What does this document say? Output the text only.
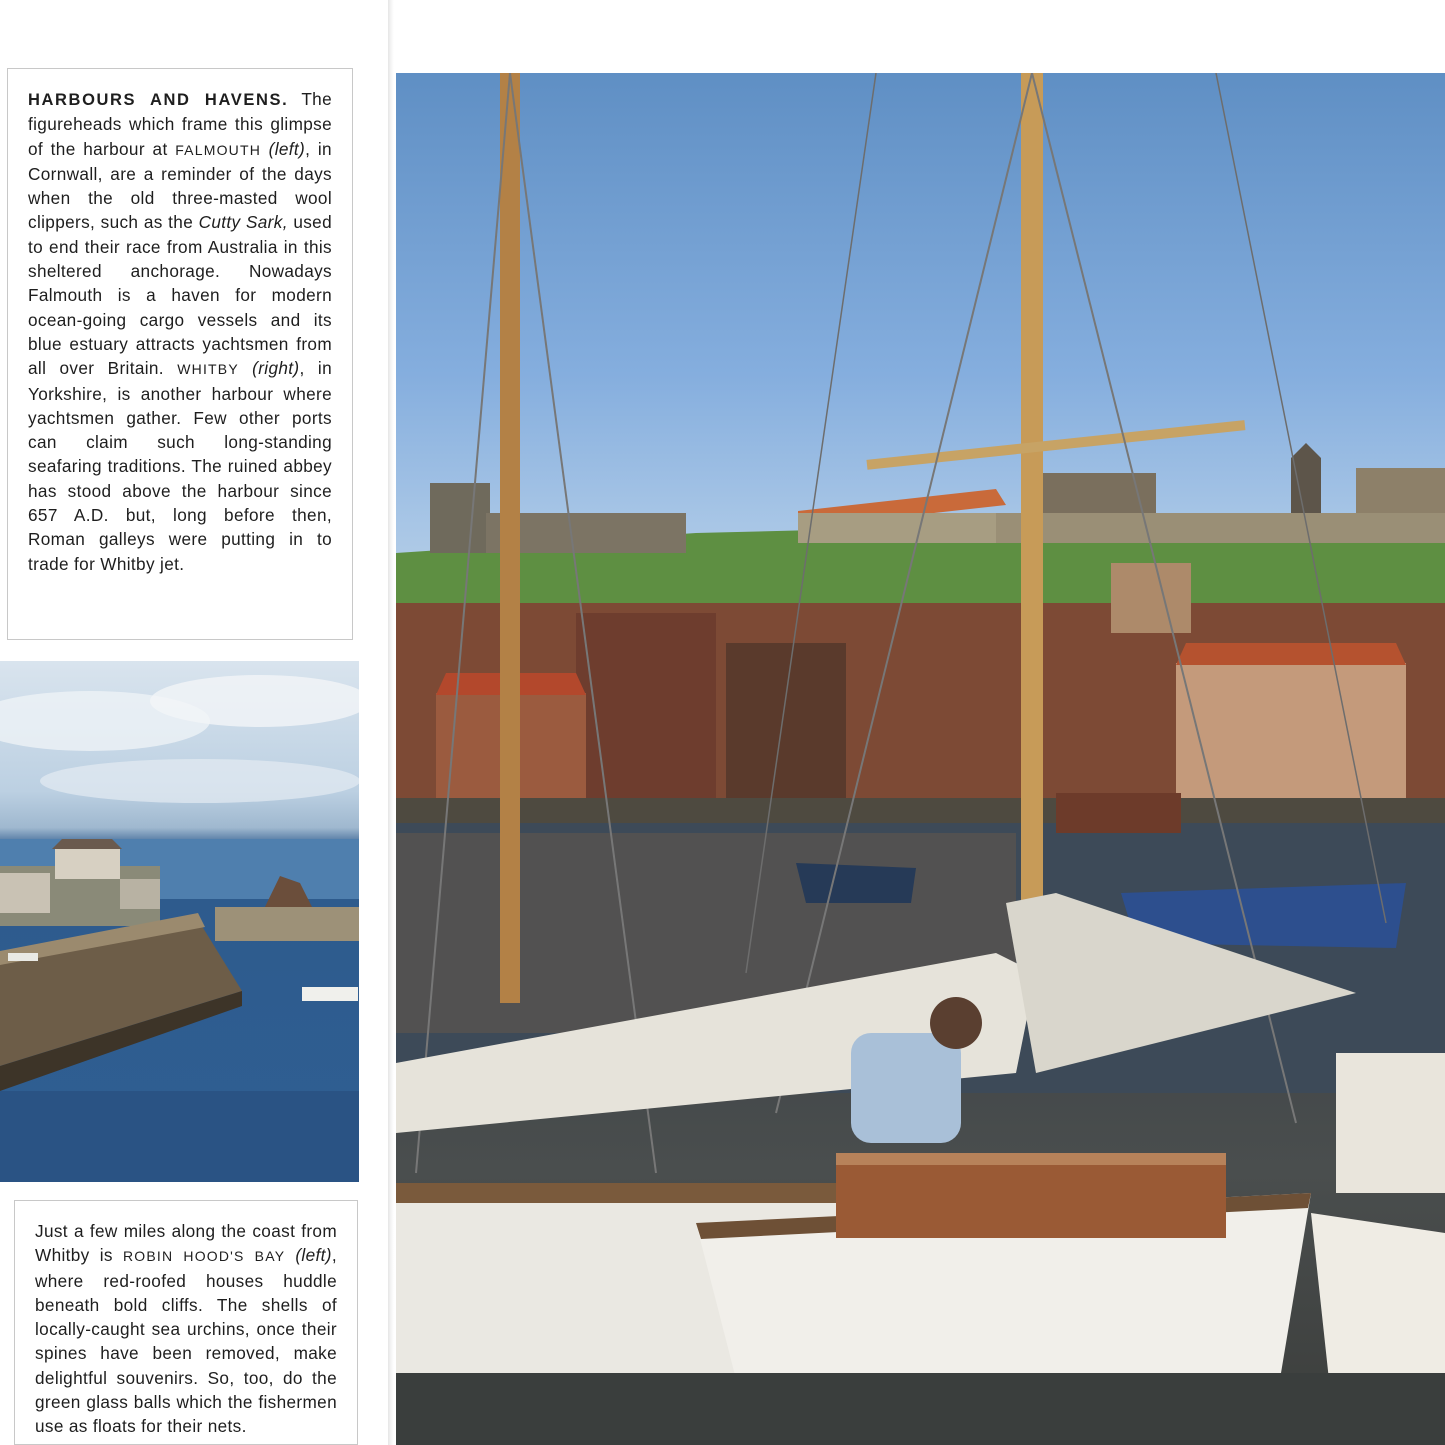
HARBOURS AND HAVENS. The figureheads which frame this glimpse of the harbour at FALMOUTH (left), in Cornwall, are a reminder of the days when the old three-masted wool clippers, such as the Cutty Sark, used to end their race from Australia in this sheltered anchorage. Nowadays Falmouth is a haven for modern ocean-going cargo vessels and its blue estuary attracts yachtsmen from all over Britain. WHITBY (right), in Yorkshire, is another harbour where yachtsmen gather. Few other ports can claim such long-standing seafaring traditions. The ruined abbey has stood above the harbour since 657 A.D. but, long before then, Roman galleys were putting in to trade for Whitby jet.
Just a few miles along the coast from Whitby is ROBIN HOOD'S BAY (left), where red-roofed houses huddle beneath bold cliffs. The shells of locally-caught sea urchins, once their spines have been removed, make delightful souvenirs. So, too, do the green glass balls which the fishermen use as floats for their nets.
